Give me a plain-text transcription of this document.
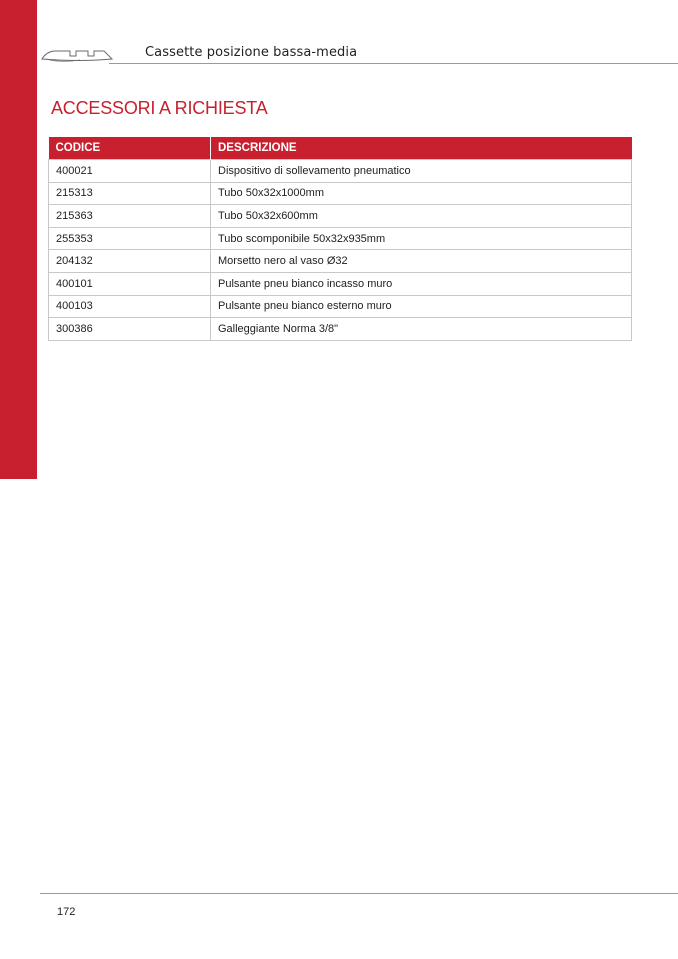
Cassette posizione bassa-media
ACCESSORI A RICHIESTA
CODICE	DESCRIZIONE
400021	Dispositivo di sollevamento pneumatico
215313	Tubo 50x32x1000mm
215363	Tubo 50x32x600mm
255353	Tubo scomponibile 50x32x935mm
204132	Morsetto nero al vaso Ø32
400101	Pulsante pneu bianco incasso muro
400103	Pulsante pneu bianco esterno muro
300386	Galleggiante Norma 3/8"
172
